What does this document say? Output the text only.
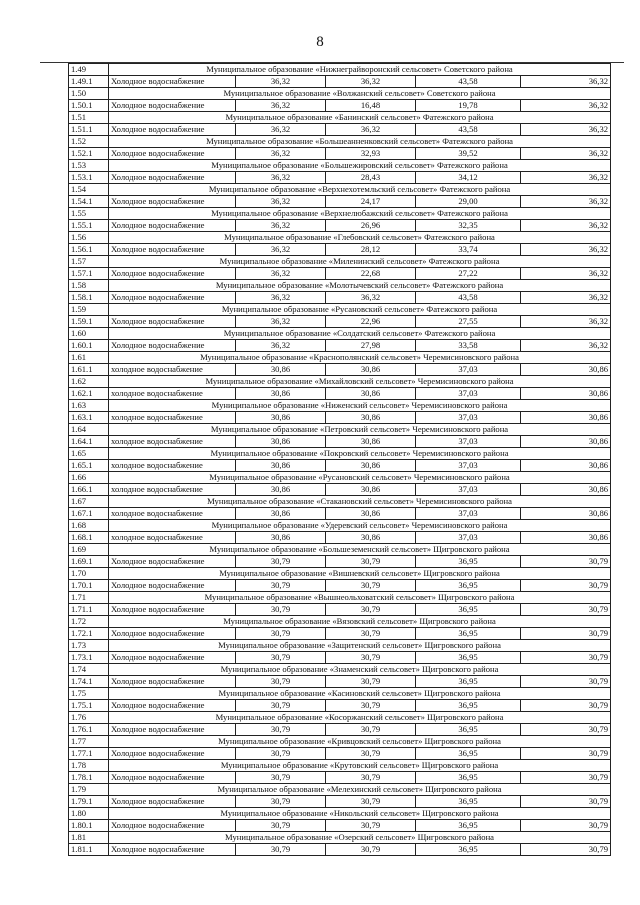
8
1.49	Муниципальное образование «Нижнеграйворонский сельсовет» Советского района				
1.49.1	Холодное водоснабжение	36,32	36,32	43,58	36,32
1.50	Муниципальное образование «Волжанский сельсовет» Советского района				
1.50.1	Холодное водоснабжение	36,32	16,48	19,78	36,32
1.51	Муниципальное образование «Банинский сельсовет» Фатежского района				
1.51.1	Холодное водоснабжение	36,32	36,32	43,58	36,32
1.52	Муниципальное образование «Большеанненковский сельсовет» Фатежского района				
1.52.1	Холодное водоснабжение	36,32	32,93	39,52	36,32
1.53	Муниципальное образование «Большежировский сельсовет» Фатежского района				
1.53.1	Холодное водоснабжение	36,32	28,43	34,12	36,32
1.54	Муниципальное образование «Верхнехотемльский сельсовет» Фатежского района				
1.54.1	Холодное водоснабжение	36,32	24,17	29,00	36,32
1.55	Муниципальное образование «Верхнелюбажский сельсовет» Фатежского района				
1.55.1	Холодное водоснабжение	36,32	26,96	32,35	36,32
1.56	Муниципальное образование «Глебовский сельсовет» Фатежского района				
1.56.1	Холодное водоснабжение	36,32	28,12	33,74	36,32
1.57	Муниципальное образование «Миленинский сельсовет» Фатежского района				
1.57.1	Холодное водоснабжение	36,32	22,68	27,22	36,32
1.58	Муниципальное образование «Молотычевский сельсовет» Фатежского района				
1.58.1	Холодное водоснабжение	36,32	36,32	43,58	36,32
1.59	Муниципальное образование «Русановский сельсовет» Фатежского района				
1.59.1	Холодное водоснабжение	36,32	22,96	27,55	36,32
1.60	Муниципальное образование «Солдатский сельсовет» Фатежского района				
1.60.1	Холодное водоснабжение	36,32	27,98	33,58	36,32
1.61	Муниципальное образование «Краснополянский сельсовет» Черемисиновского района				
1.61.1	холодное водоснабжение	30,86	30,86	37,03	30,86
1.62	Муниципальное образование «Михайловский сельсовет» Черемисиновского района				
1.62.1	холодное водоснабжение	30,86	30,86	37,03	30,86
1.63	Муниципальное образование «Ниженский сельсовет» Черемисиновского района				
1.63.1	холодное водоснабжение	30,86	30,86	37,03	30,86
1.64	Муниципальное образование «Петровский сельсовет» Черемисиновского района				
1.64.1	холодное водоснабжение	30,86	30,86	37,03	30,86
1.65	Муниципальное образование «Покровский сельсовет» Черемисиновского района				
1.65.1	холодное водоснабжение	30,86	30,86	37,03	30,86
1.66	Муниципальное образование «Русановский сельсовет» Черемисиновского района				
1.66.1	холодное водоснабжение	30,86	30,86	37,03	30,86
1.67	Муниципальное образование «Стакановский сельсовет» Черемисиновского района				
1.67.1	холодное водоснабжение	30,86	30,86	37,03	30,86
1.68	Муниципальное образование «Удеревский сельсовет» Черемисиновского района				
1.68.1	холодное водоснабжение	30,86	30,86	37,03	30,86
1.69	Муниципальное образование «Большеземенский сельсовет» Щигровского района				
1.69.1	Холодное водоснабжение	30,79	30,79	36,95	30,79
1.70	Муниципальное образование «Вишневский сельсовет» Щигровского района				
1.70.1	Холодное водоснабжение	30,79	30,79	36,95	30,79
1.71	Муниципальное образование «Вышнеольховатский сельсовет» Щигровского района				
1.71.1	Холодное водоснабжение	30,79	30,79	36,95	30,79
1.72	Муниципальное образование «Вязовский сельсовет» Щигровского района				
1.72.1	Холодное водоснабжение	30,79	30,79	36,95	30,79
1.73	Муниципальное образование «Защитенский сельсовет» Щигровского района				
1.73.1	Холодное водоснабжение	30,79	30,79	36,95	30,79
1.74	Муниципальное образование «Знаменский сельсовет» Щигровского района				
1.74.1	Холодное водоснабжение	30,79	30,79	36,95	30,79
1.75	Муниципальное образование «Касиновский сельсовет» Щигровского района				
1.75.1	Холодное водоснабжение	30,79	30,79	36,95	30,79
1.76	Муниципальное образование «Косоржанский сельсовет» Щигровского района				
1.76.1	Холодное водоснабжение	30,79	30,79	36,95	30,79
1.77	Муниципальное образование «Кривцовский сельсовет» Щигровского района				
1.77.1	Холодное водоснабжение	30,79	30,79	36,95	30,79
1.78	Муниципальное образование «Крутовский сельсовет» Щигровского района				
1.78.1	Холодное водоснабжение	30,79	30,79	36,95	30,79
1.79	Муниципальное образование «Мелехинский сельсовет» Щигровского района				
1.79.1	Холодное водоснабжение	30,79	30,79	36,95	30,79
1.80	Муниципальное образование «Никольский сельсовет» Щигровского района				
1.80.1	Холодное водоснабжение	30,79	30,79	36,95	30,79
1.81	Муниципальное образование «Озерский сельсовет» Щигровского района				
1.81.1	Холодное водоснабжение	30,79	30,79	36,95	30,79
